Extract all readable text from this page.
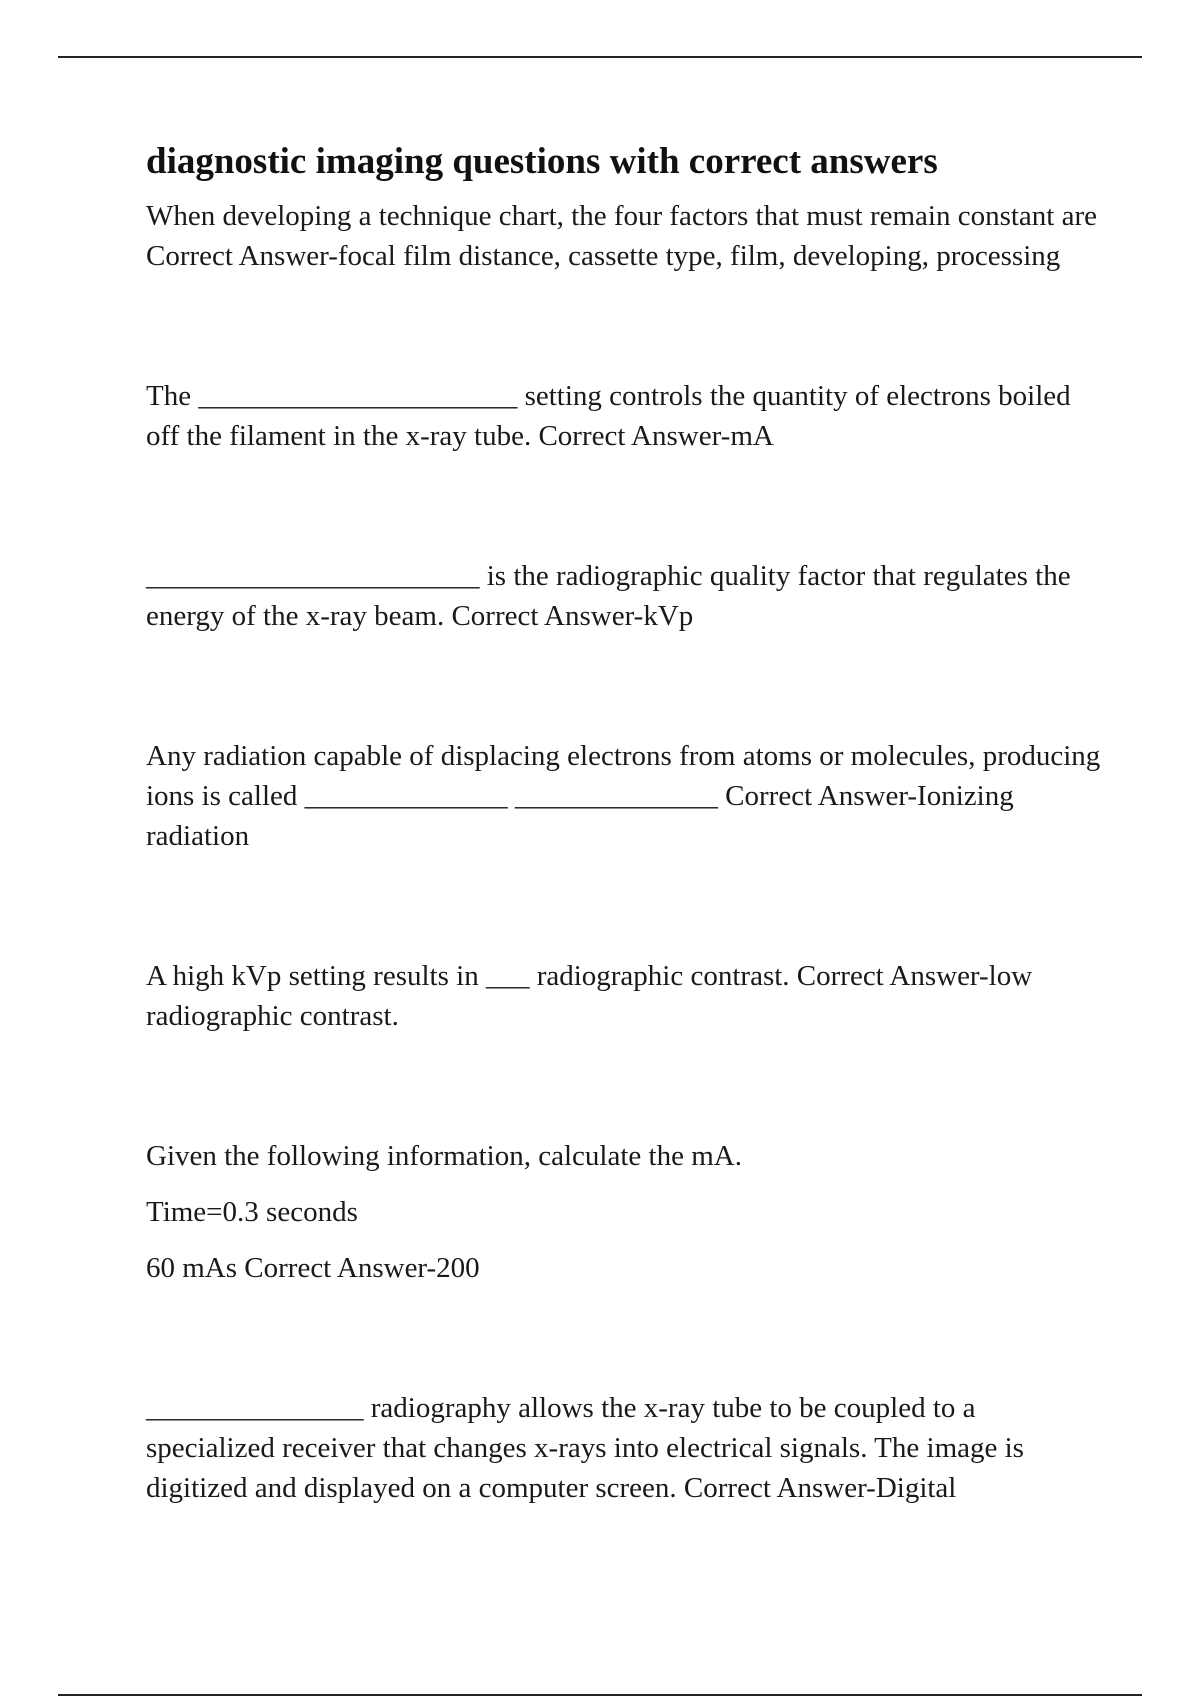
diagnostic imaging questions with correct answers

When developing a technique chart, the four factors that must remain constant are Correct Answer-focal film distance, cassette type, film, developing, processing

The ______________________ setting controls the quantity of electrons boiled off the filament in the x-ray tube. Correct Answer-mA

_______________________ is the radiographic quality factor that regulates the energy of the x-ray beam. Correct Answer-kVp

Any radiation capable of displacing electrons from atoms or molecules, producing ions is called ______________ ______________ Correct Answer-Ionizing radiation

A high kVp setting results in ___ radiographic contrast. Correct Answer-low radiographic contrast.

Given the following information, calculate the mA.

Time=0.3 seconds

60 mAs Correct Answer-200

_______________ radiography allows the x-ray tube to be coupled to a specialized receiver that changes x-rays into electrical signals. The image is digitized and displayed on a computer screen. Correct Answer-Digital
